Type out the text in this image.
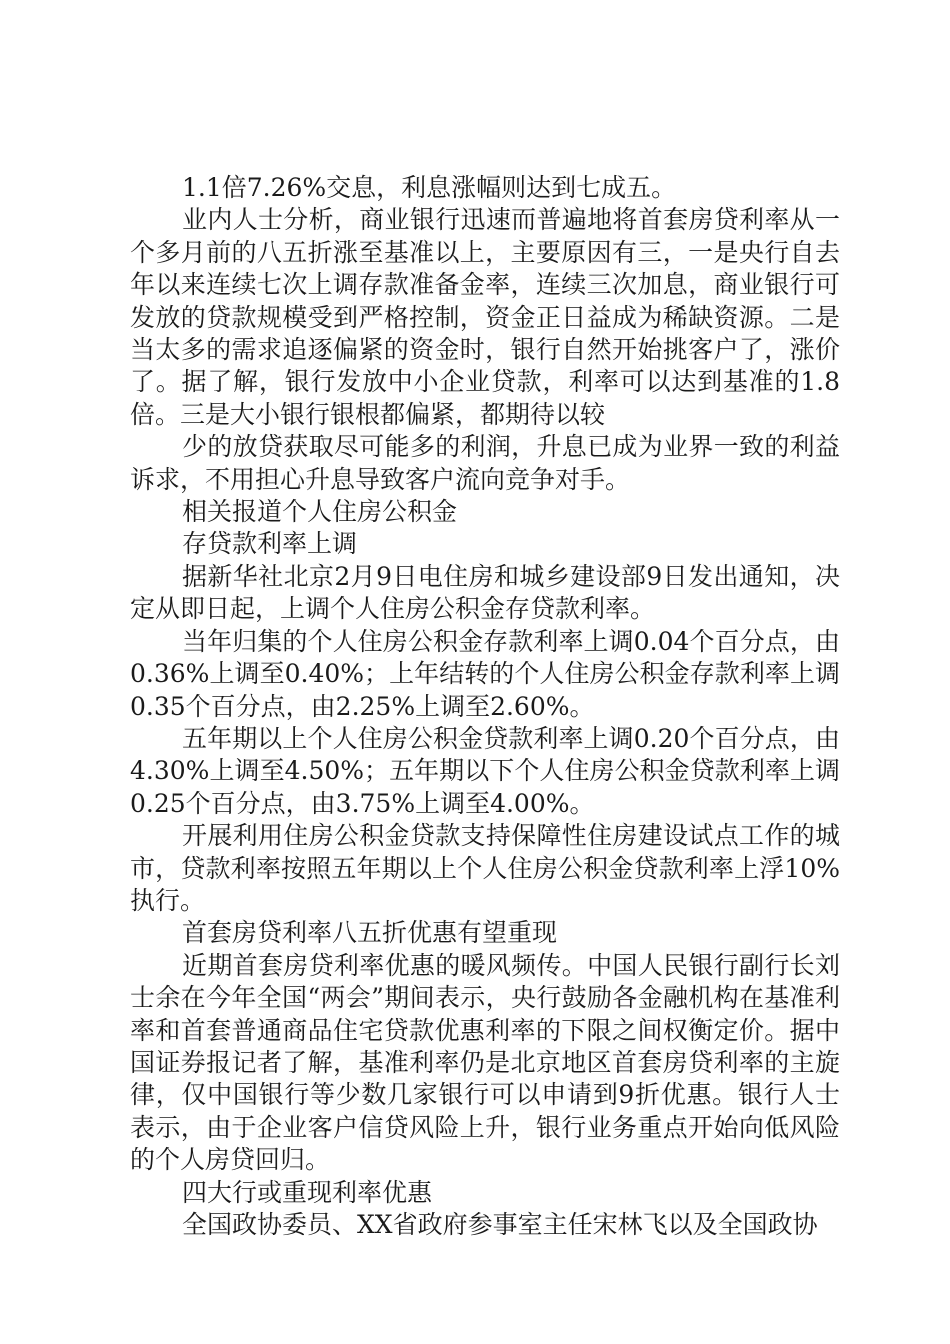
1.1倍7.26%交息，利息涨幅则达到七成五。

业内人士分析，商业银行迅速而普遍地将首套房贷利率从一个多月前的八五折涨至基准以上，主要原因有三，一是央行自去年以来连续七次上调存款准备金率，连续三次加息，商业银行可发放的贷款规模受到严格控制，资金正日益成为稀缺资源。二是当太多的需求追逐偏紧的资金时，银行自然开始挑客户了，涨价了。据了解，银行发放中小企业贷款，利率可以达到基准的1.8倍。三是大小银行银根都偏紧，都期待以较

少的放贷获取尽可能多的利润，升息已成为业界一致的利益诉求，不用担心升息导致客户流向竞争对手。

相关报道个人住房公积金

存贷款利率上调

据新华社北京2月9日电住房和城乡建设部9日发出通知，决定从即日起，上调个人住房公积金存贷款利率。

当年归集的个人住房公积金存款利率上调0.04个百分点，由0.36%上调至0.40%；上年结转的个人住房公积金存款利率上调0.35个百分点，由2.25%上调至2.60%。

五年期以上个人住房公积金贷款利率上调0.20个百分点，由4.30%上调至4.50%；五年期以下个人住房公积金贷款利率上调0.25个百分点，由3.75%上调至4.00%。

开展利用住房公积金贷款支持保障性住房建设试点工作的城市，贷款利率按照五年期以上个人住房公积金贷款利率上浮10%执行。

首套房贷利率八五折优惠有望重现

近期首套房贷利率优惠的暖风频传。中国人民银行副行长刘士余在今年全国“两会”期间表示，央行鼓励各金融机构在基准利率和首套普通商品住宅贷款优惠利率的下限之间权衡定价。据中国证券报记者了解，基准利率仍是北京地区首套房贷利率的主旋律，仅中国银行等少数几家银行可以申请到9折优惠。银行人士表示，由于企业客户信贷风险上升，银行业务重点开始向低风险的个人房贷回归。

四大行或重现利率优惠

全国政协委员、XX省政府参事室主任宋林飞以及全国政协
